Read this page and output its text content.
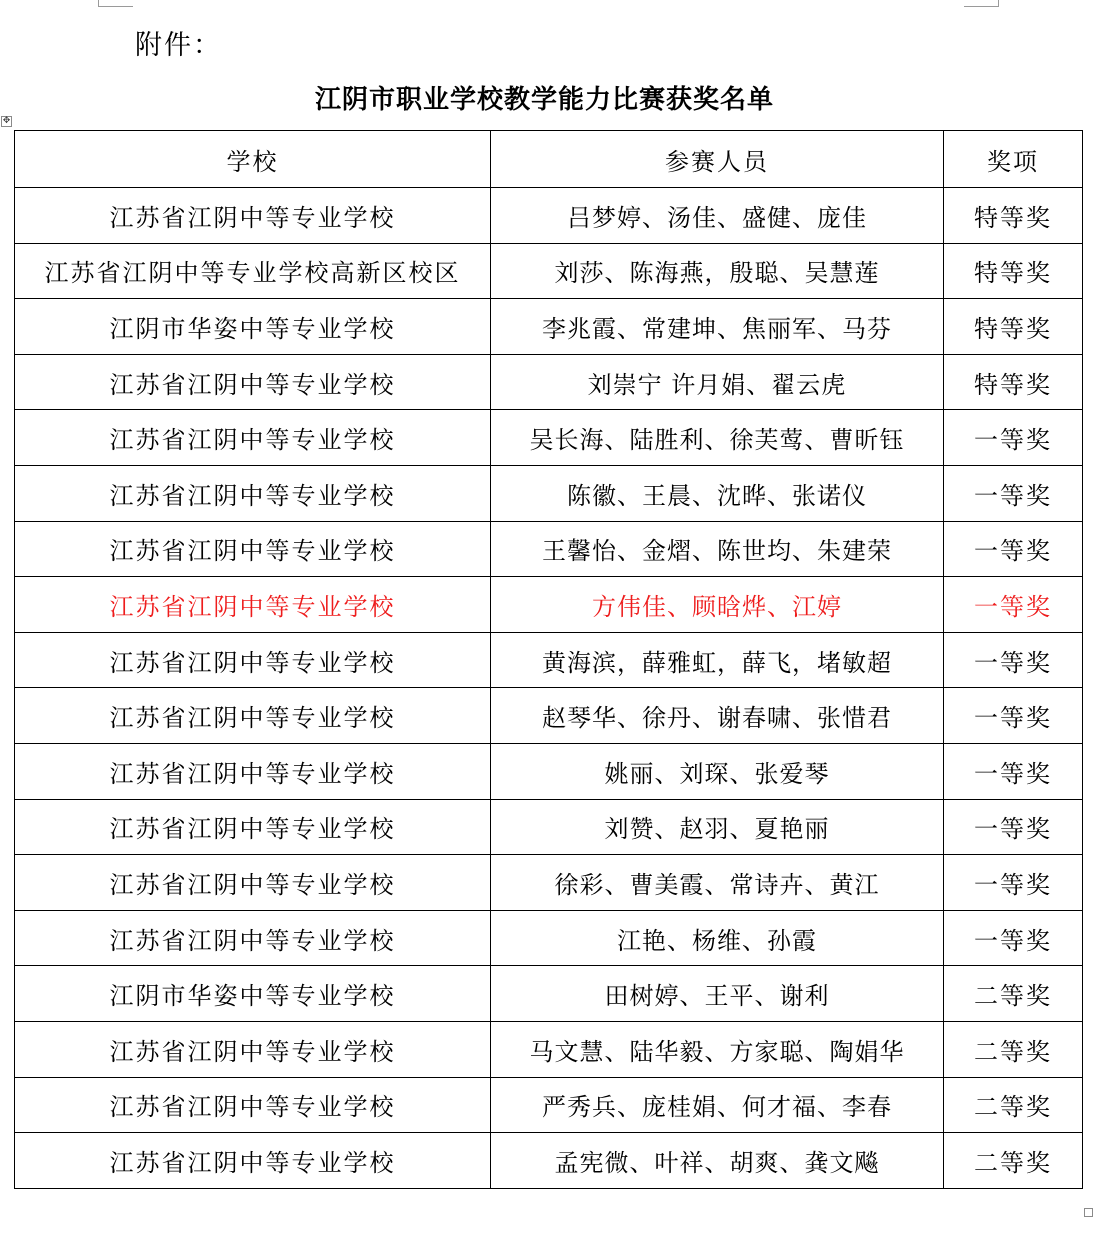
附件：
江阴市职业学校教学能力比赛获奖名单
✥
学校	参赛人员	奖项
江苏省江阴中等专业学校	吕梦婷、汤佳、盛健、庞佳	特等奖
江苏省江阴中等专业学校高新区校区	刘莎、陈海燕，殷聪、吴慧莲	特等奖
江阴市华姿中等专业学校	李兆霞、常建坤、焦丽军、马芬	特等奖
江苏省江阴中等专业学校	刘崇宁 许月娟、翟云虎	特等奖
江苏省江阴中等专业学校	吴长海、陆胜利、徐芙莺、曹昕钰	一等奖
江苏省江阴中等专业学校	陈徽、王晨、沈晔、张诺仪	一等奖
江苏省江阴中等专业学校	王馨怡、金熠、陈世均、朱建荣	一等奖
江苏省江阴中等专业学校	方伟佳、顾晗烨、江婷	一等奖
江苏省江阴中等专业学校	黄海滨，薛雅虹，薛飞，堵敏超	一等奖
江苏省江阴中等专业学校	赵琴华、徐丹、谢春啸、张惜君	一等奖
江苏省江阴中等专业学校	姚丽、刘琛、张爱琴	一等奖
江苏省江阴中等专业学校	刘赞、赵羽、夏艳丽	一等奖
江苏省江阴中等专业学校	徐彩、曹美霞、常诗卉、黄江	一等奖
江苏省江阴中等专业学校	江艳、杨维、孙霞	一等奖
江阴市华姿中等专业学校	田树婷、王平、谢利	二等奖
江苏省江阴中等专业学校	马文慧、陆华毅、方家聪、陶娟华	二等奖
江苏省江阴中等专业学校	严秀兵、庞桂娟、何才福、李春	二等奖
江苏省江阴中等专业学校	孟宪微、叶祥、胡爽、龚文飚	二等奖
